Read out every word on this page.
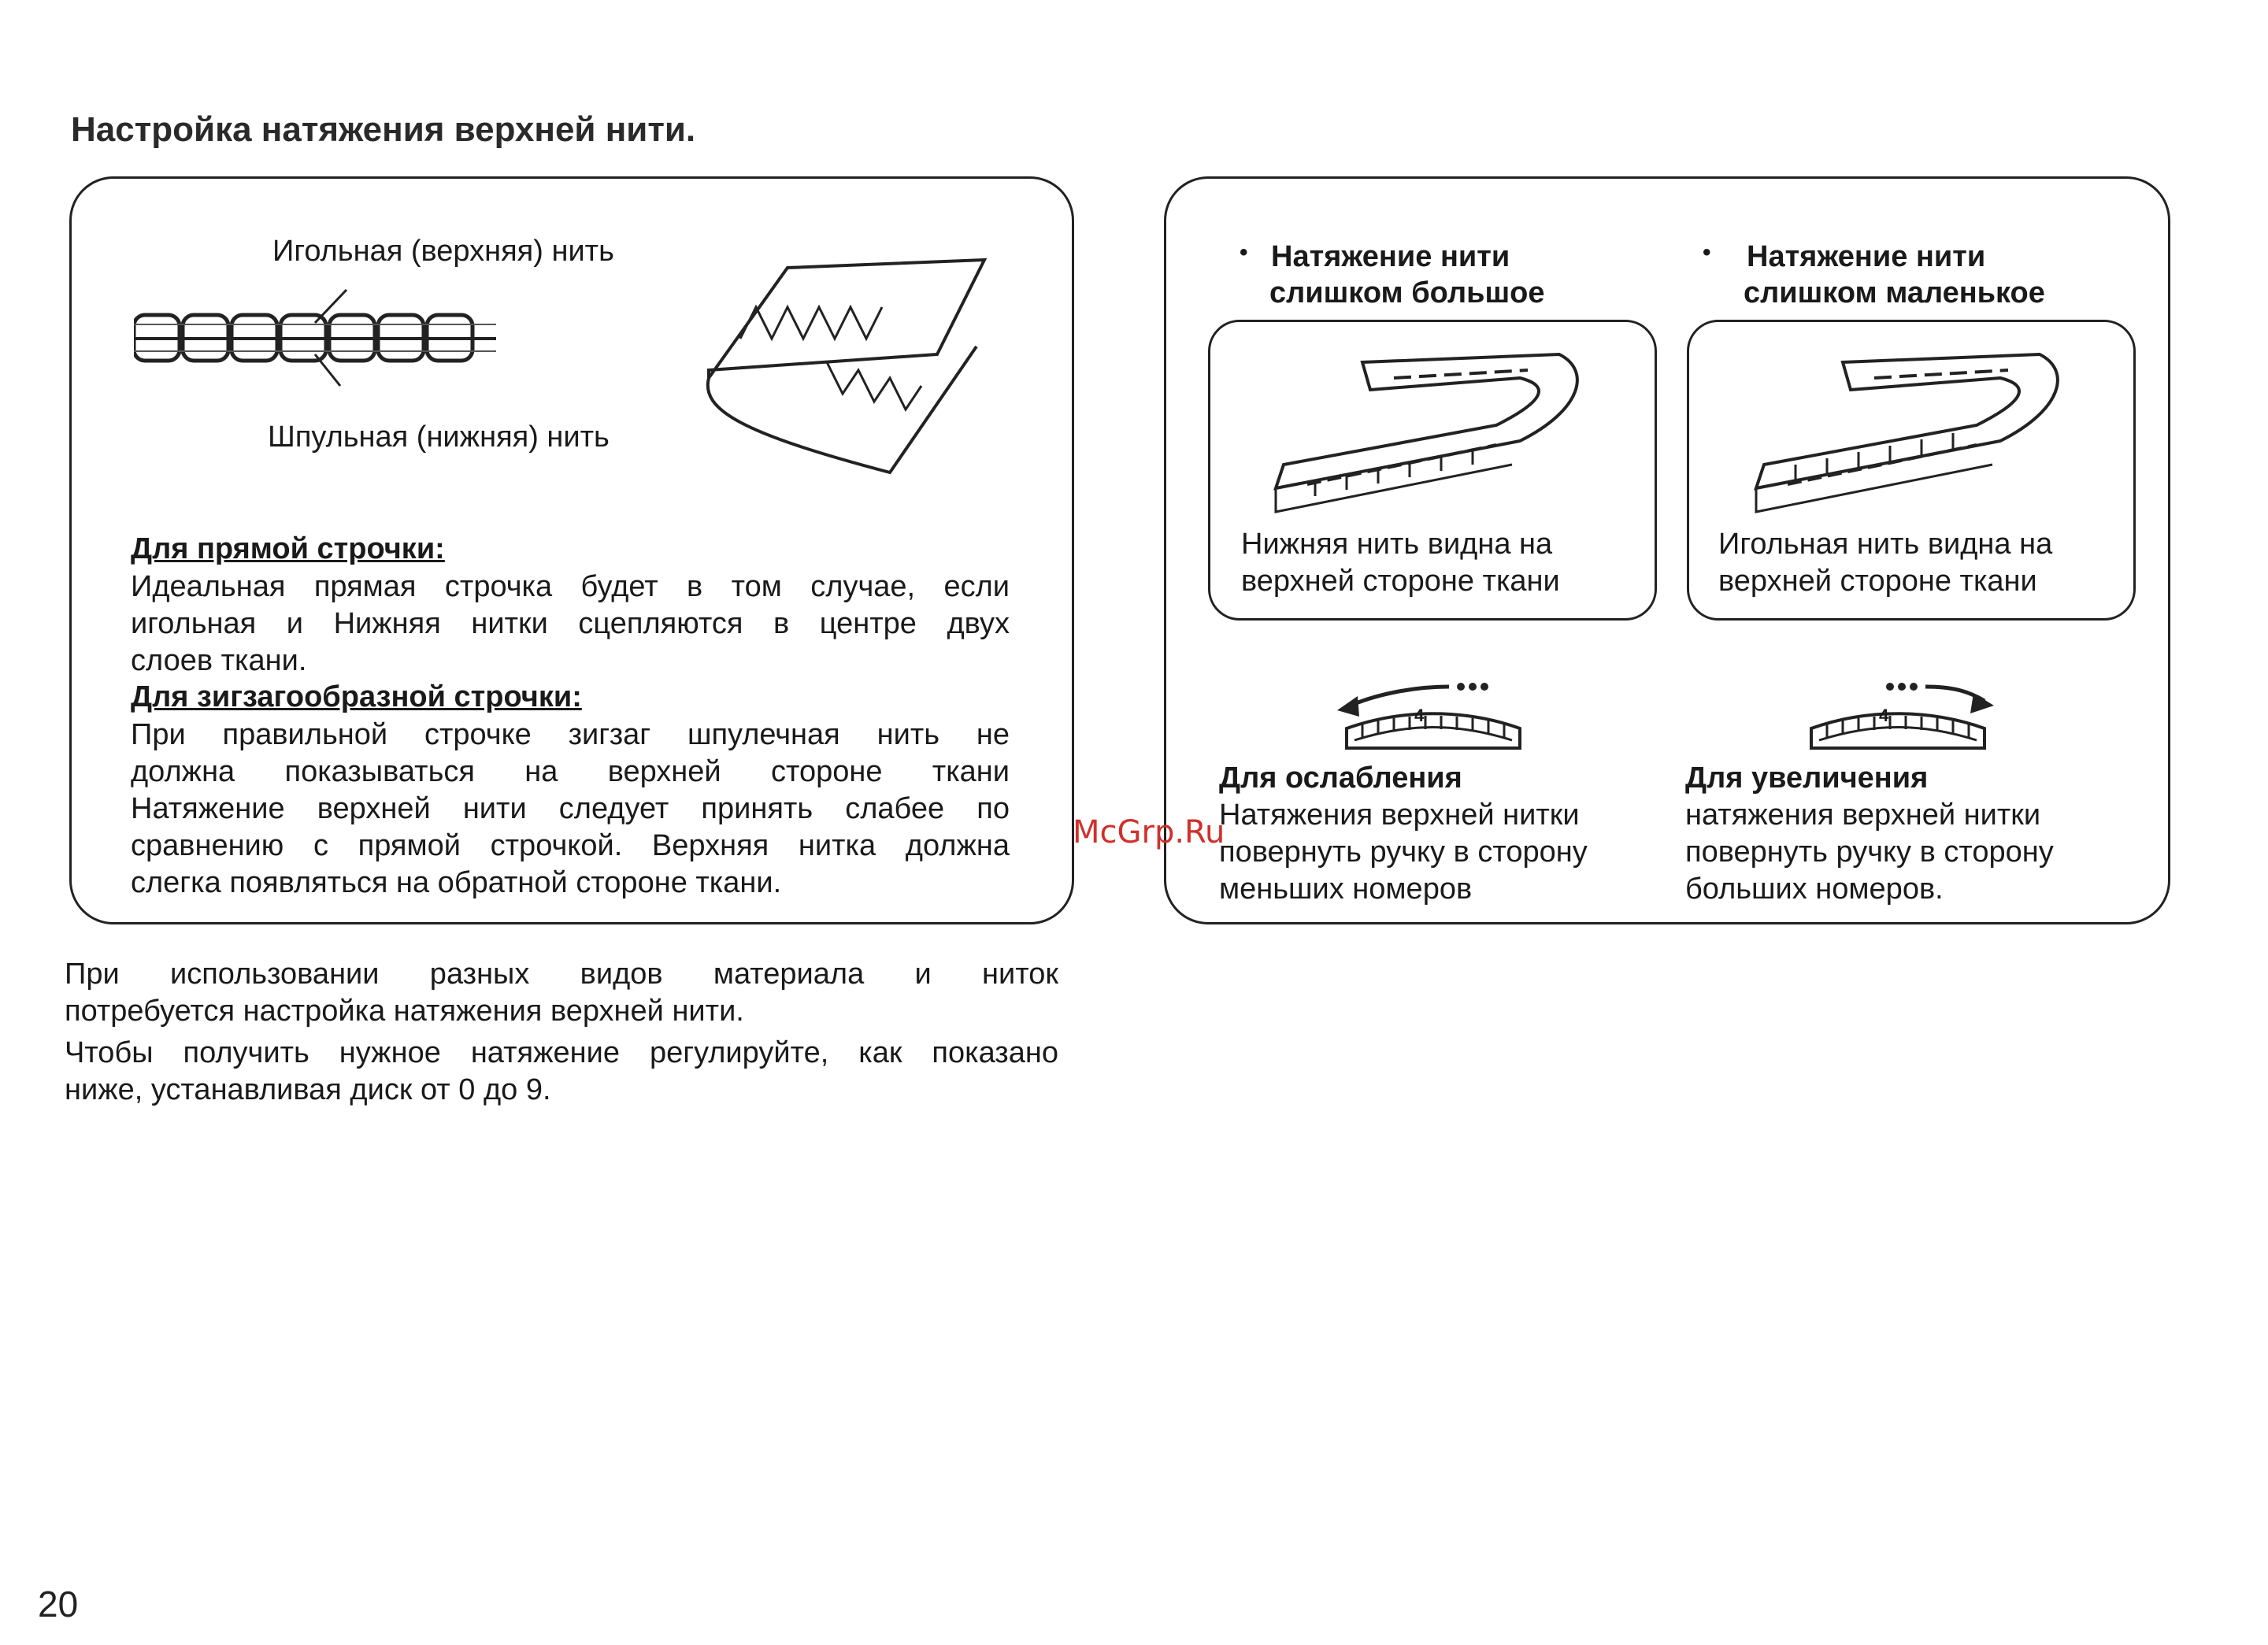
Настройка натяжения верхней нити.
Игольная (верхняя) нить
Шпульная (нижняя) нить
Для прямой строчки:
Идеальная прямая строчка будет в том случае, если
игольная и Нижняя нитки сцепляются в центре двух
слоев ткани.
Для зигзагообразной строчки:
При правильной строчке зигзаг шпулечная нить не
должна показываться на верхней стороне ткани
Натяжение верхней нити следует принять слабее по
сравнению с прямой строчкой. Верхняя нитка должна
слегка появляться на обратной стороне ткани.
• Натяжение нити
слишком большое
Нижняя нить видна на
верхней стороне ткани
4
Для ослабления
Натяжения верхней нитки
повернуть ручку в сторону
меньших номеров
• Натяжение нити
слишком маленькое
Игольная нить видна на
верхней стороне ткани
4
Для увеличения
натяжения верхней нитки
повернуть ручку в сторону
больших номеров.
McGrp.Ru
При использовании разных видов материала и ниток
потребуется настройка натяжения верхней нити.
Чтобы получить нужное натяжение регулируйте, как показано
ниже, устанавливая диск от 0 до 9.
20
